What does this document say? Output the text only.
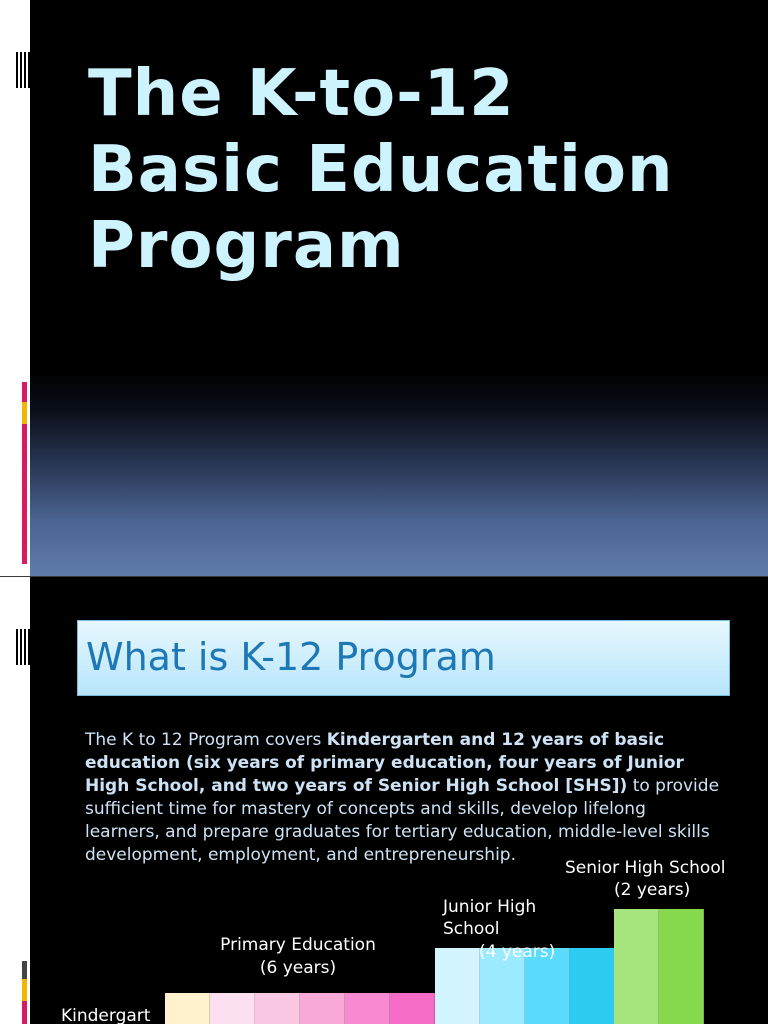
The K-to-12
Basic Education
Program
What is K-12 Program

The K to 12 Program covers Kindergarten and 12 years of basic education (six years of primary education, four years of Junior High School, and two years of Senior High School [SHS]) to provide sufficient time for mastery of concepts and skills, develop lifelong learners, and prepare graduates for tertiary education, middle-level skills development, employment, and entrepreneurship.

Kindergart
Primary Education
(6 years)
Junior High
School
(4 years)
Senior High School
(2 years)
